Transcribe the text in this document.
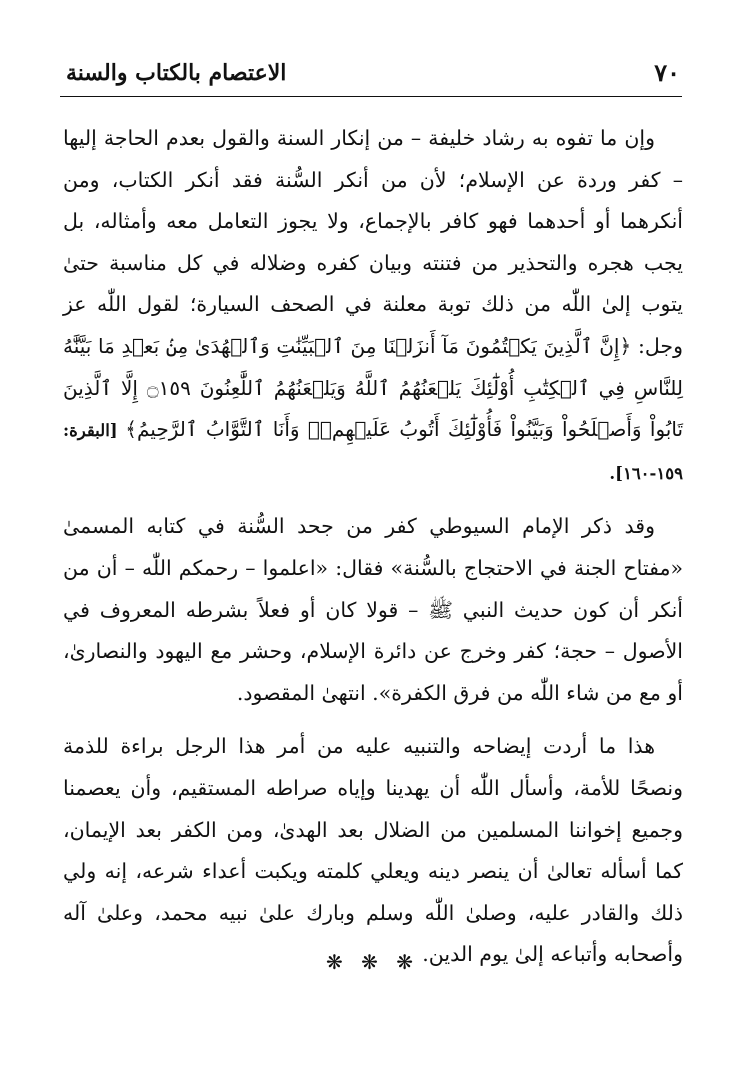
٧٠
الاعتصام بالكتاب والسنة

وإن ما تفوه به رشاد خليفة – من إنكار السنة والقول بعدم الحاجة إليها – كفر وردة عن الإسلام؛ لأن من أنكر السُّنة فقد أنكر الكتاب، ومن أنكرهما أو أحدهما فهو كافر بالإجماع، ولا يجوز التعامل معه وأمثاله، بل يجب هجره والتحذير من فتنته وبيان كفره وضلاله في كل مناسبة حتىٰ يتوب إلىٰ اللّٰه من ذلك توبة معلنة في الصحف السيارة؛ لقول اللّٰه عز وجل: ﴿إِنَّ ٱلَّذِينَ يَكۡتُمُونَ مَآ أَنزَلۡنَا مِنَ ٱلۡبَيِّنَٰتِ وَٱلۡهُدَىٰ مِنۢ بَعۡدِ مَا بَيَّنَّٰهُ لِلنَّاسِ فِي ٱلۡكِتَٰبِ أُوْلَٰٓئِكَ يَلۡعَنُهُمُ ٱللَّهُ وَيَلۡعَنُهُمُ ٱللَّٰعِنُونَ ۝١٥٩ إِلَّا ٱلَّذِينَ تَابُواْ وَأَصۡلَحُواْ وَبَيَّنُواْ فَأُوْلَٰٓئِكَ أَتُوبُ عَلَيۡهِمۡۚ وَأَنَا ٱلتَّوَّابُ ٱلرَّحِيمُ﴾ [البقرة: ١٥٩-١٦٠].

وقد ذكر الإمام السيوطي كفر من جحد السُّنة في كتابه المسمىٰ «مفتاح الجنة في الاحتجاج بالسُّنة» فقال: «اعلموا – رحمكم اللّٰه – أن من أنكر أن كون حديث النبي ﷺ – قولا كان أو فعلاً بشرطه المعروف في الأصول – حجة؛ كفر وخرج عن دائرة الإسلام، وحشر مع اليهود والنصارىٰ، أو مع من شاء اللّٰه من فرق الكفرة». انتهىٰ المقصود.

هذا ما أردت إيضاحه والتنبيه عليه من أمر هذا الرجل براءة للذمة ونصحًا للأمة، وأسأل اللّٰه أن يهدينا وإياه صراطه المستقيم، وأن يعصمنا وجميع إخواننا المسلمين من الضلال بعد الهدىٰ، ومن الكفر بعد الإيمان، كما أسأله تعالىٰ أن ينصر دينه ويعلي كلمته ويكبت أعداء شرعه، إنه ولي ذلك والقادر عليه، وصلىٰ اللّٰه وسلم وبارك علىٰ نبيه محمد، وعلىٰ آله وأصحابه وأتباعه إلىٰ يوم الدين.

❋ ❋ ❋
